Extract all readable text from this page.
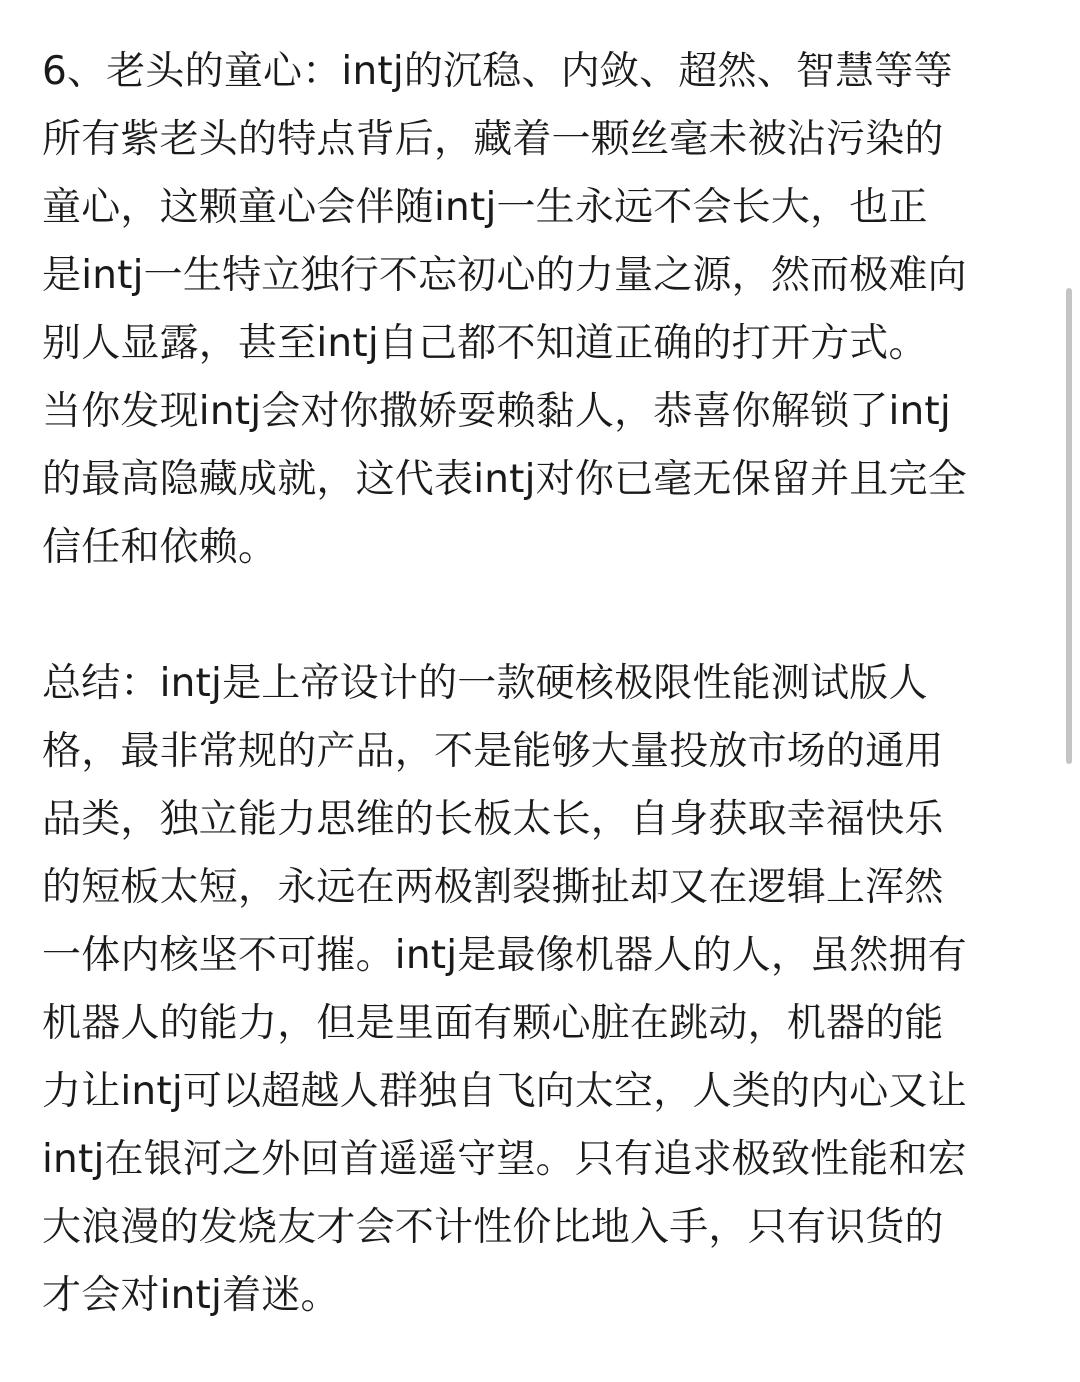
6、老头的童心：intj的沉稳、内敛、超然、智慧等等
所有紫老头的特点背后，藏着一颗丝毫未被沾污染的
童心，这颗童心会伴随intj一生永远不会长大，也正
是intj一生特立独行不忘初心的力量之源，然而极难向
别人显露，甚至intj自己都不知道正确的打开方式。
当你发现intj会对你撒娇耍赖黏人，恭喜你解锁了intj
的最高隐藏成就，这代表intj对你已毫无保留并且完全
信任和依赖。
总结：intj是上帝设计的一款硬核极限性能测试版人
格，最非常规的产品，不是能够大量投放市场的通用
品类，独立能力思维的长板太长，自身获取幸福快乐
的短板太短，永远在两极割裂撕扯却又在逻辑上浑然
一体内核坚不可摧。intj是最像机器人的人，虽然拥有
机器人的能力，但是里面有颗心脏在跳动，机器的能
力让intj可以超越人群独自飞向太空，人类的内心又让
intj在银河之外回首遥遥守望。只有追求极致性能和宏
大浪漫的发烧友才会不计性价比地入手，只有识货的
才会对intj着迷。
